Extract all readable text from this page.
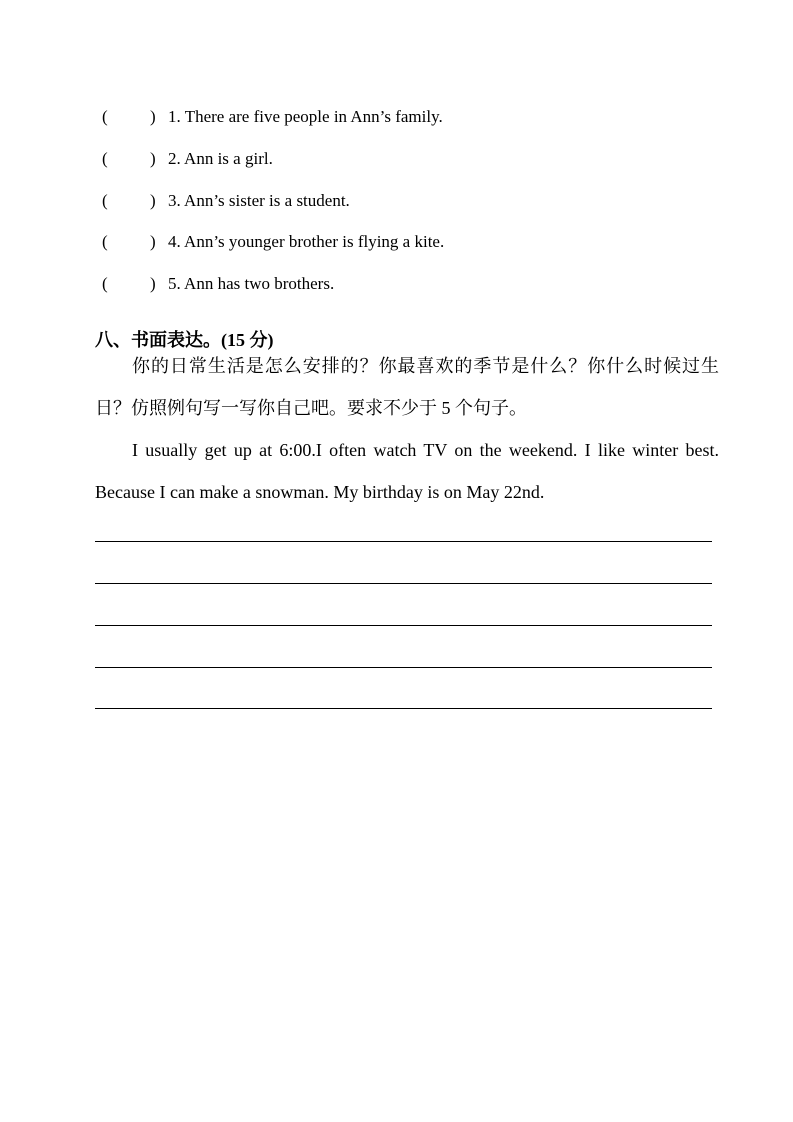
(	) 1. There are five people in Ann’s family.
(	) 2. Ann is a girl.
(	) 3. Ann’s sister is a student.
(	) 4. Ann’s younger brother is flying a kite.
(	) 5. Ann has two brothers.
八、书面表达。(15 分)

你的日常生活是怎么安排的？你最喜欢的季节是什么？你什么时候过生

日？仿照例句写一写你自己吧。要求不少于 5 个句子。

I usually get up at 6:00.I often watch TV on the weekend. I like winter best.

Because I can make a snowman. My birthday is on May 22nd.
